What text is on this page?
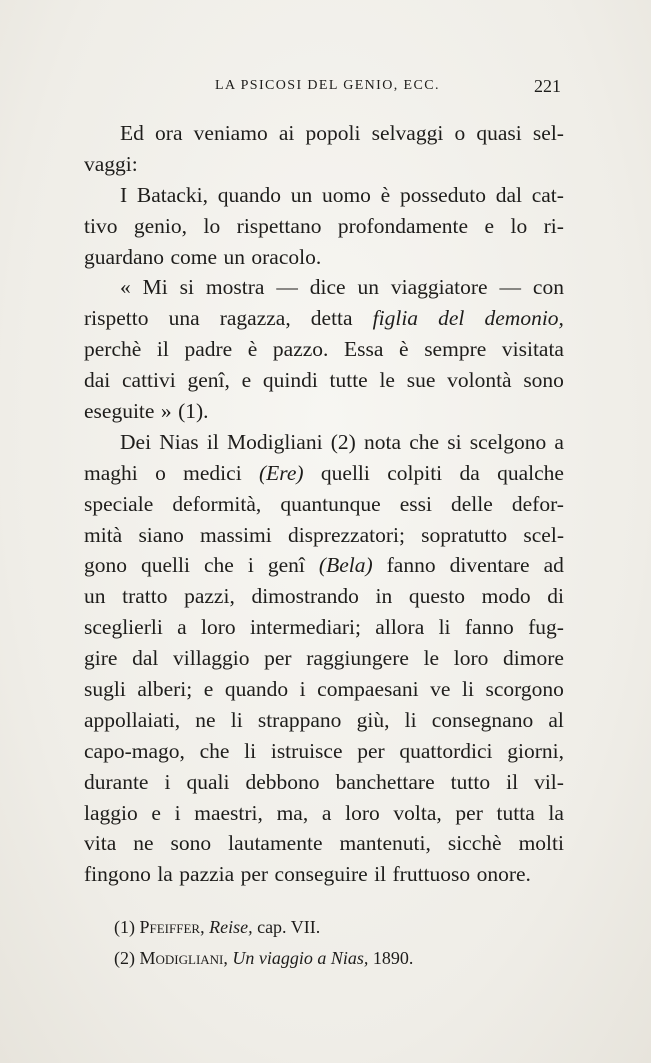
LA PSICOSI DEL GENIO, ECC.	221
Ed ora veniamo ai popoli selvaggi o quasi sel-
vaggi:
I Batacki, quando un uomo è posseduto dal cat-
tivo genio, lo rispettano profondamente e lo ri-
guardano come un oracolo.
« Mi si mostra — dice un viaggiatore — con
rispetto una ragazza, detta figlia del demonio,
perchè il padre è pazzo. Essa è sempre visitata
dai cattivi genî, e quindi tutte le sue volontà sono
eseguite » (1).
Dei Nias il Modigliani (2) nota che si scelgono a
maghi o medici (Ere) quelli colpiti da qualche
speciale deformità, quantunque essi delle defor-
mità siano massimi disprezzatori; sopratutto scel-
gono quelli che i genî (Bela) fanno diventare ad
un tratto pazzi, dimostrando in questo modo di
sceglierli a loro intermediari; allora li fanno fug-
gire dal villaggio per raggiungere le loro dimore
sugli alberi; e quando i compaesani ve li scorgono
appollaiati, ne li strappano giù, li consegnano al
capo-mago, che li istruisce per quattordici giorni,
durante i quali debbono banchettare tutto il vil-
laggio e i maestri, ma, a loro volta, per tutta la
vita ne sono lautamente mantenuti, sicchè molti
fingono la pazzia per conseguire il fruttuoso onore.
(1) Pfeiffer, Reise, cap. VII.
(2) Modigliani, Un viaggio a Nias, 1890.
